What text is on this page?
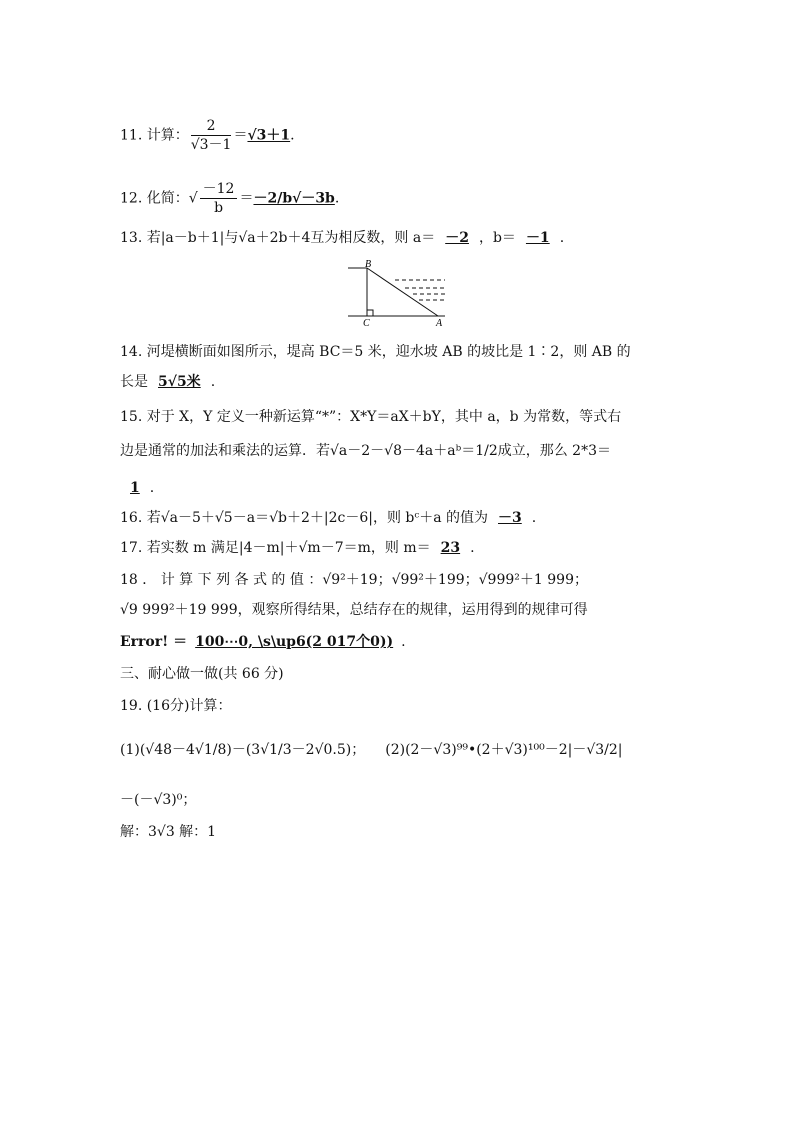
11. 计算： $\frac{2}{√3-1} =√3+1$.
12. 化简：√ $\frac{-12}{b} =-2/b√-3b$.
13. 若|a－b＋1|与√a＋2b＋4互为相反数，则 a＝ －2 ，b＝ －1 .
B
C	A
14. 河堤横断面如图所示，堤高 BC＝5 米，迎水坡 AB 的坡比是 1∶2，则 AB 的
长是 5√5米 .
15. 对于 X，Y 定义一种新运算“*”：X*Y＝aX＋bY，其中 a，b 为常数，等式右
边是通常的加法和乘法的运算．若√a－2－√8－4a＋aᵇ＝1/2成立，那么 2*3＝
1 .
16. 若√a－5＋√5－a＝√b＋2＋|2c－6|，则 bᶜ＋a 的值为 －3 .
17. 若实数 m 满足|4－m|＋√m－7＝m，则 m＝ 23 .
18 ． 计 算 下 列 各 式 的 值 ：√9²＋19；√99²＋199；√999²＋1 999；
√9 999²＋19 999，观察所得结果，总结存在的规律，运用得到的规律可得
Error! ＝ 100⋯0, \s\up6(2 017个0)) .
三、耐心做一做(共 66 分)
19. (16分)计算：
(1)(√48－4√1/8)－(3√1/3－2√0.5)； (2)(2－√3)⁹⁹•(2＋√3)¹⁰⁰－2|－√3/2|
－(－√3)⁰；
解：3√3 解：1
